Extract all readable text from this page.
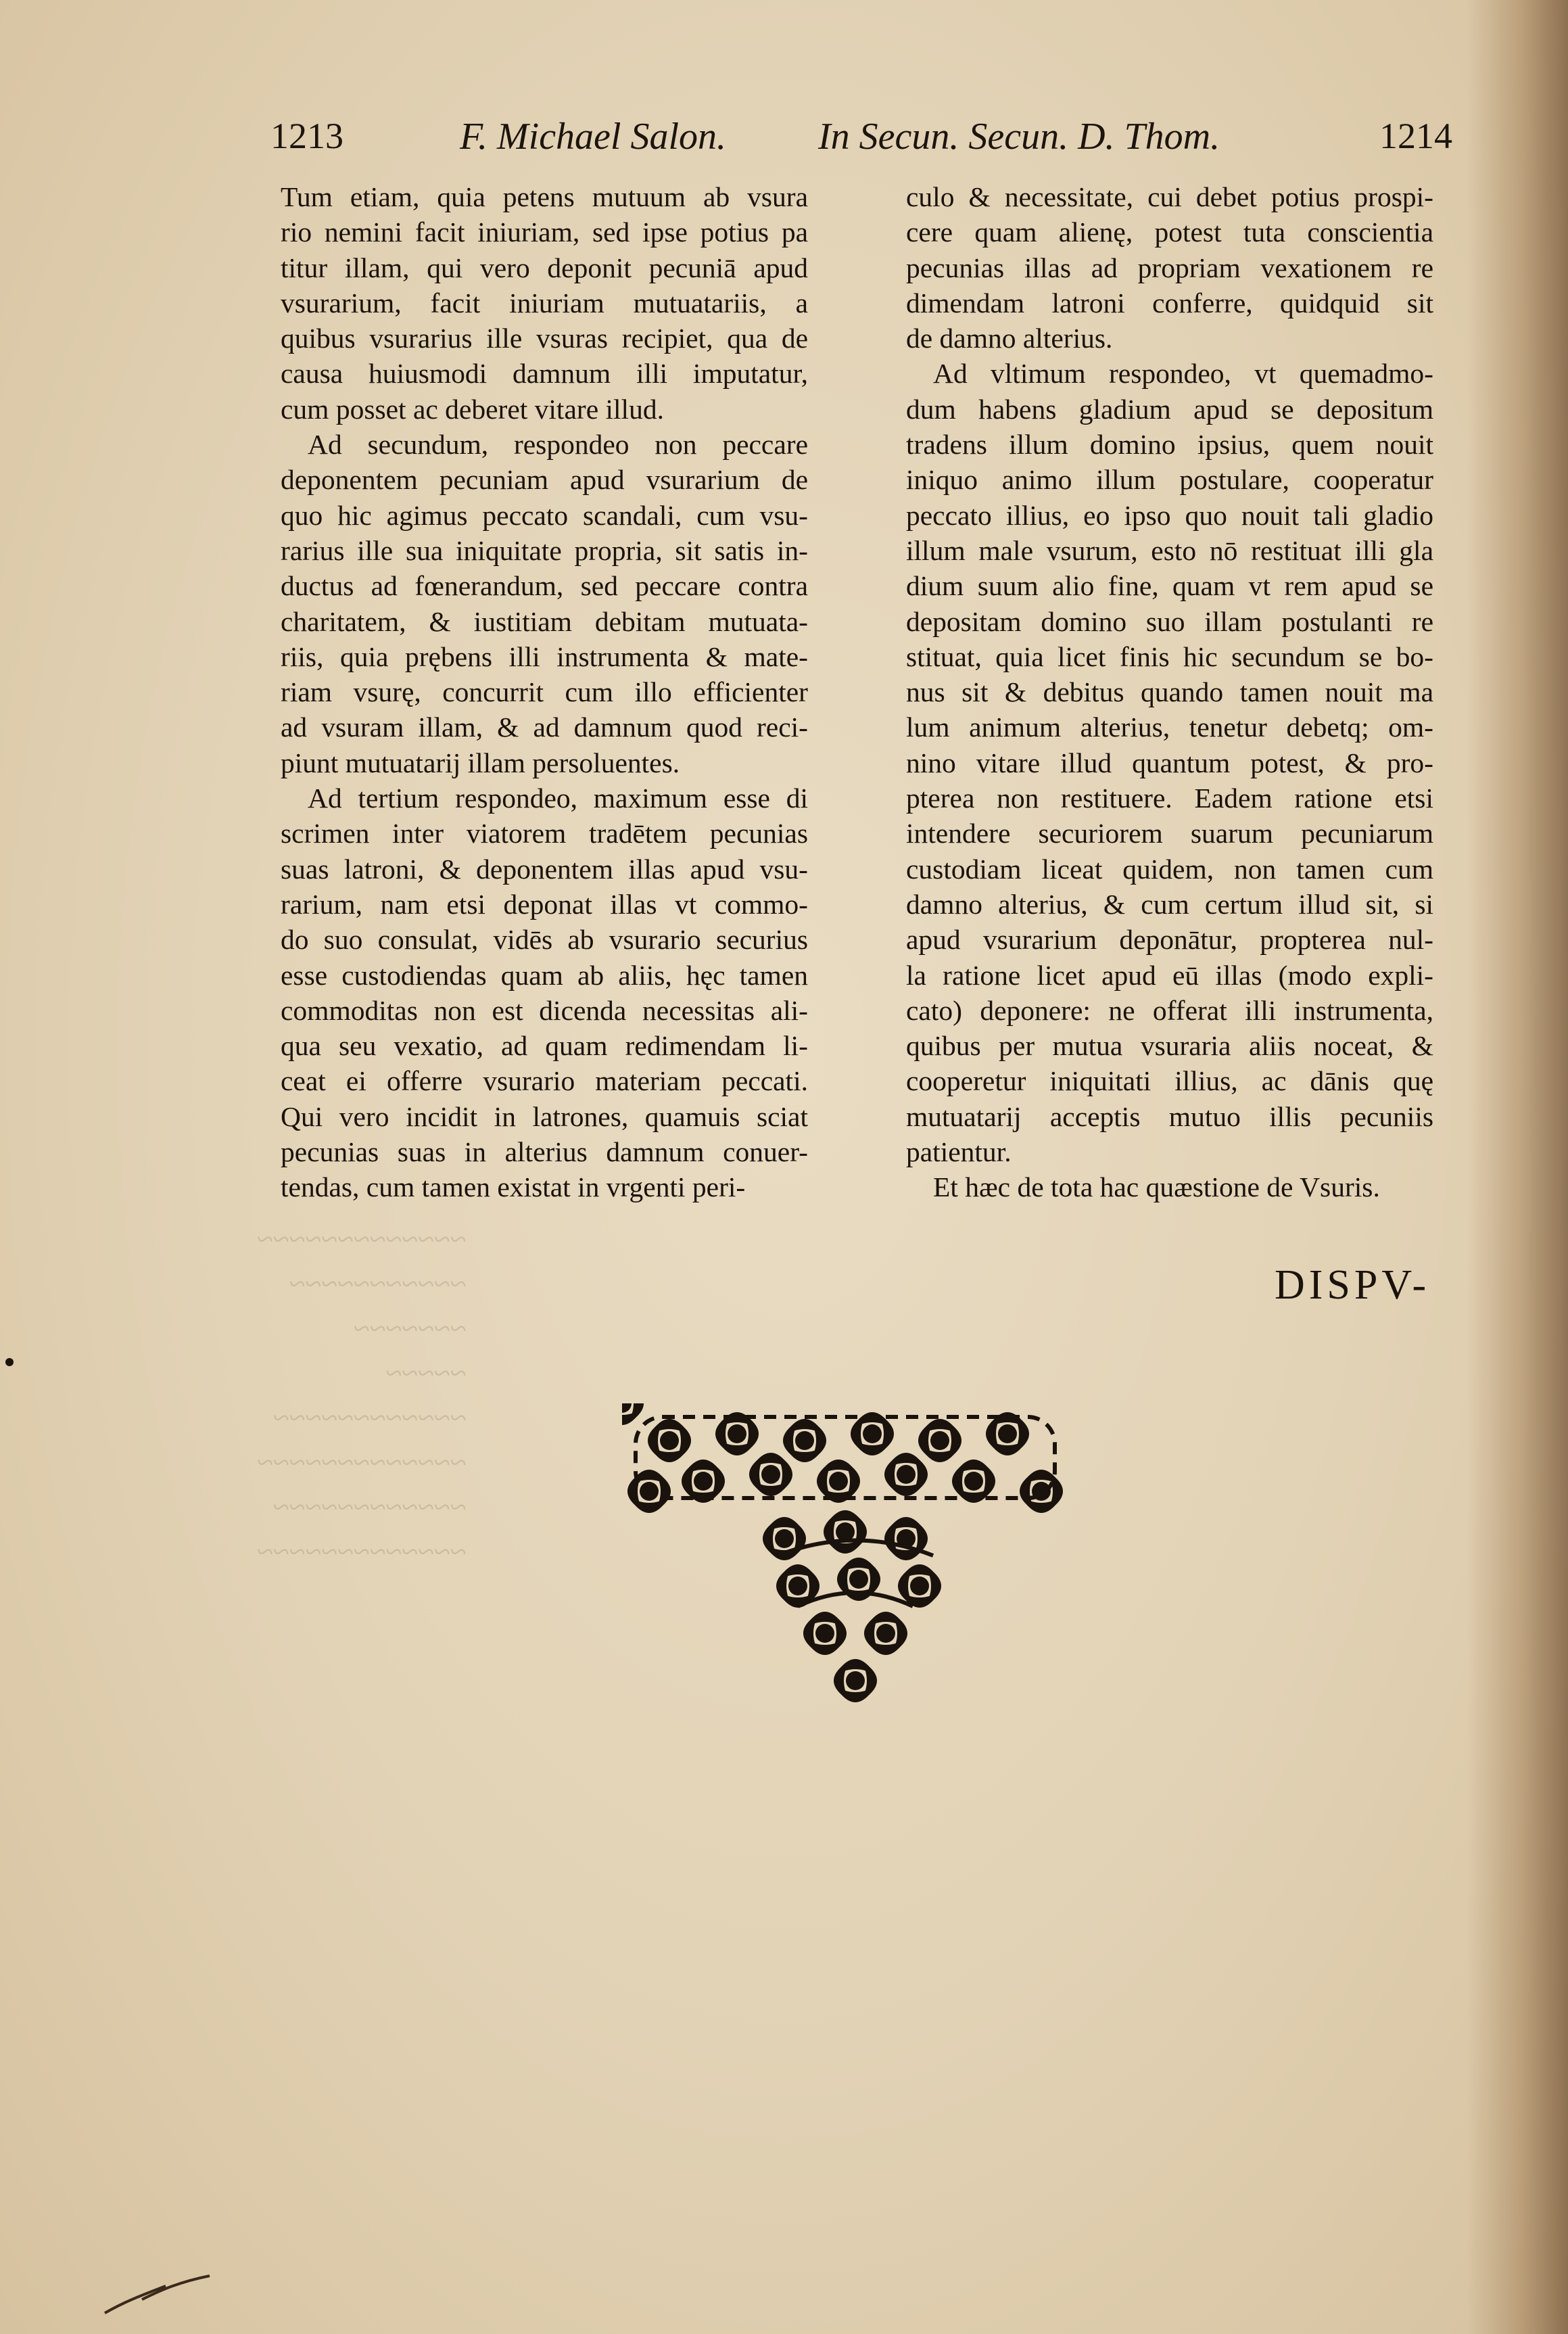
~~~~~~~~~~~~~
~~~~~~~~~~~
~~~~~~~
~~~~~
~~~~~~~~~~~~
~~~~~~~~~~~~~
~~~~~~~~~~~~
~~~~~~~~~~~~~
1213	F. Michael Salon. In Secun. Secun. D. Thom.	1214

Tum etiam, quia petens mutuum ab vsura
rio nemini facit iniuriam, sed ipse potius pa
titur illam, qui vero deponit pecuniā apud
vsurarium, facit iniuriam mutuatariis, a
quibus vsurarius ille vsuras recipiet, qua de
causa huiusmodi damnum illi imputatur,
cum posset ac deberet vitare illud.

Ad secundum, respondeo non peccare
deponentem pecuniam apud vsurarium de
quo hic agimus peccato scandali, cum vsu-
rarius ille sua iniquitate propria, sit satis in-
ductus ad fœnerandum, sed peccare contra
charitatem, & iustitiam debitam mutuata-
riis, quia prębens illi instrumenta & mate-
riam vsurę, concurrit cum illo efficienter
ad vsuram illam, & ad damnum quod reci-
piunt mutuatarij illam persoluentes.

Ad tertium respondeo, maximum esse di
scrimen inter viatorem tradētem pecunias
suas latroni, & deponentem illas apud vsu-
rarium, nam etsi deponat illas vt commo-
do suo consulat, vidēs ab vsurario securius
esse custodiendas quam ab aliis, hęc tamen
commoditas non est dicenda necessitas ali-
qua seu vexatio, ad quam redimendam li-
ceat ei offerre vsurario materiam peccati.
Qui vero incidit in latrones, quamuis sciat
pecunias suas in alterius damnum conuer-
tendas, cum tamen existat in vrgenti peri-

culo & necessitate, cui debet potius prospi-
cere quam alienę, potest tuta conscientia
pecunias illas ad propriam vexationem re
dimendam latroni conferre, quidquid sit
de damno alterius.

Ad vltimum respondeo, vt quemadmo-
dum habens gladium apud se depositum
tradens illum domino ipsius, quem nouit
iniquo animo illum postulare, cooperatur
peccato illius, eo ipso quo nouit tali gladio
illum male vsurum, esto nō restituat illi gla
dium suum alio fine, quam vt rem apud se
depositam domino suo illam postulanti re
stituat, quia licet finis hic secundum se bo-
nus sit & debitus quando tamen nouit ma
lum animum alterius, tenetur debetq; om-
nino vitare illud quantum potest, & pro-
pterea non restituere. Eadem ratione etsi
intendere securiorem suarum pecuniarum
custodiam liceat quidem, non tamen cum
damno alterius, & cum certum illud sit, si
apud vsurarium deponātur, propterea nul-
la ratione licet apud eū illas (modo expli-
cato) deponere: ne offerat illi instrumenta,
quibus per mutua vsuraria aliis noceat, &
cooperetur iniquitati illius, ac dānis quę
mutuatarij acceptis mutuo illis pecuniis
patientur.

Et hæc de tota hac quæstione de Vsuris.

DISPV-
